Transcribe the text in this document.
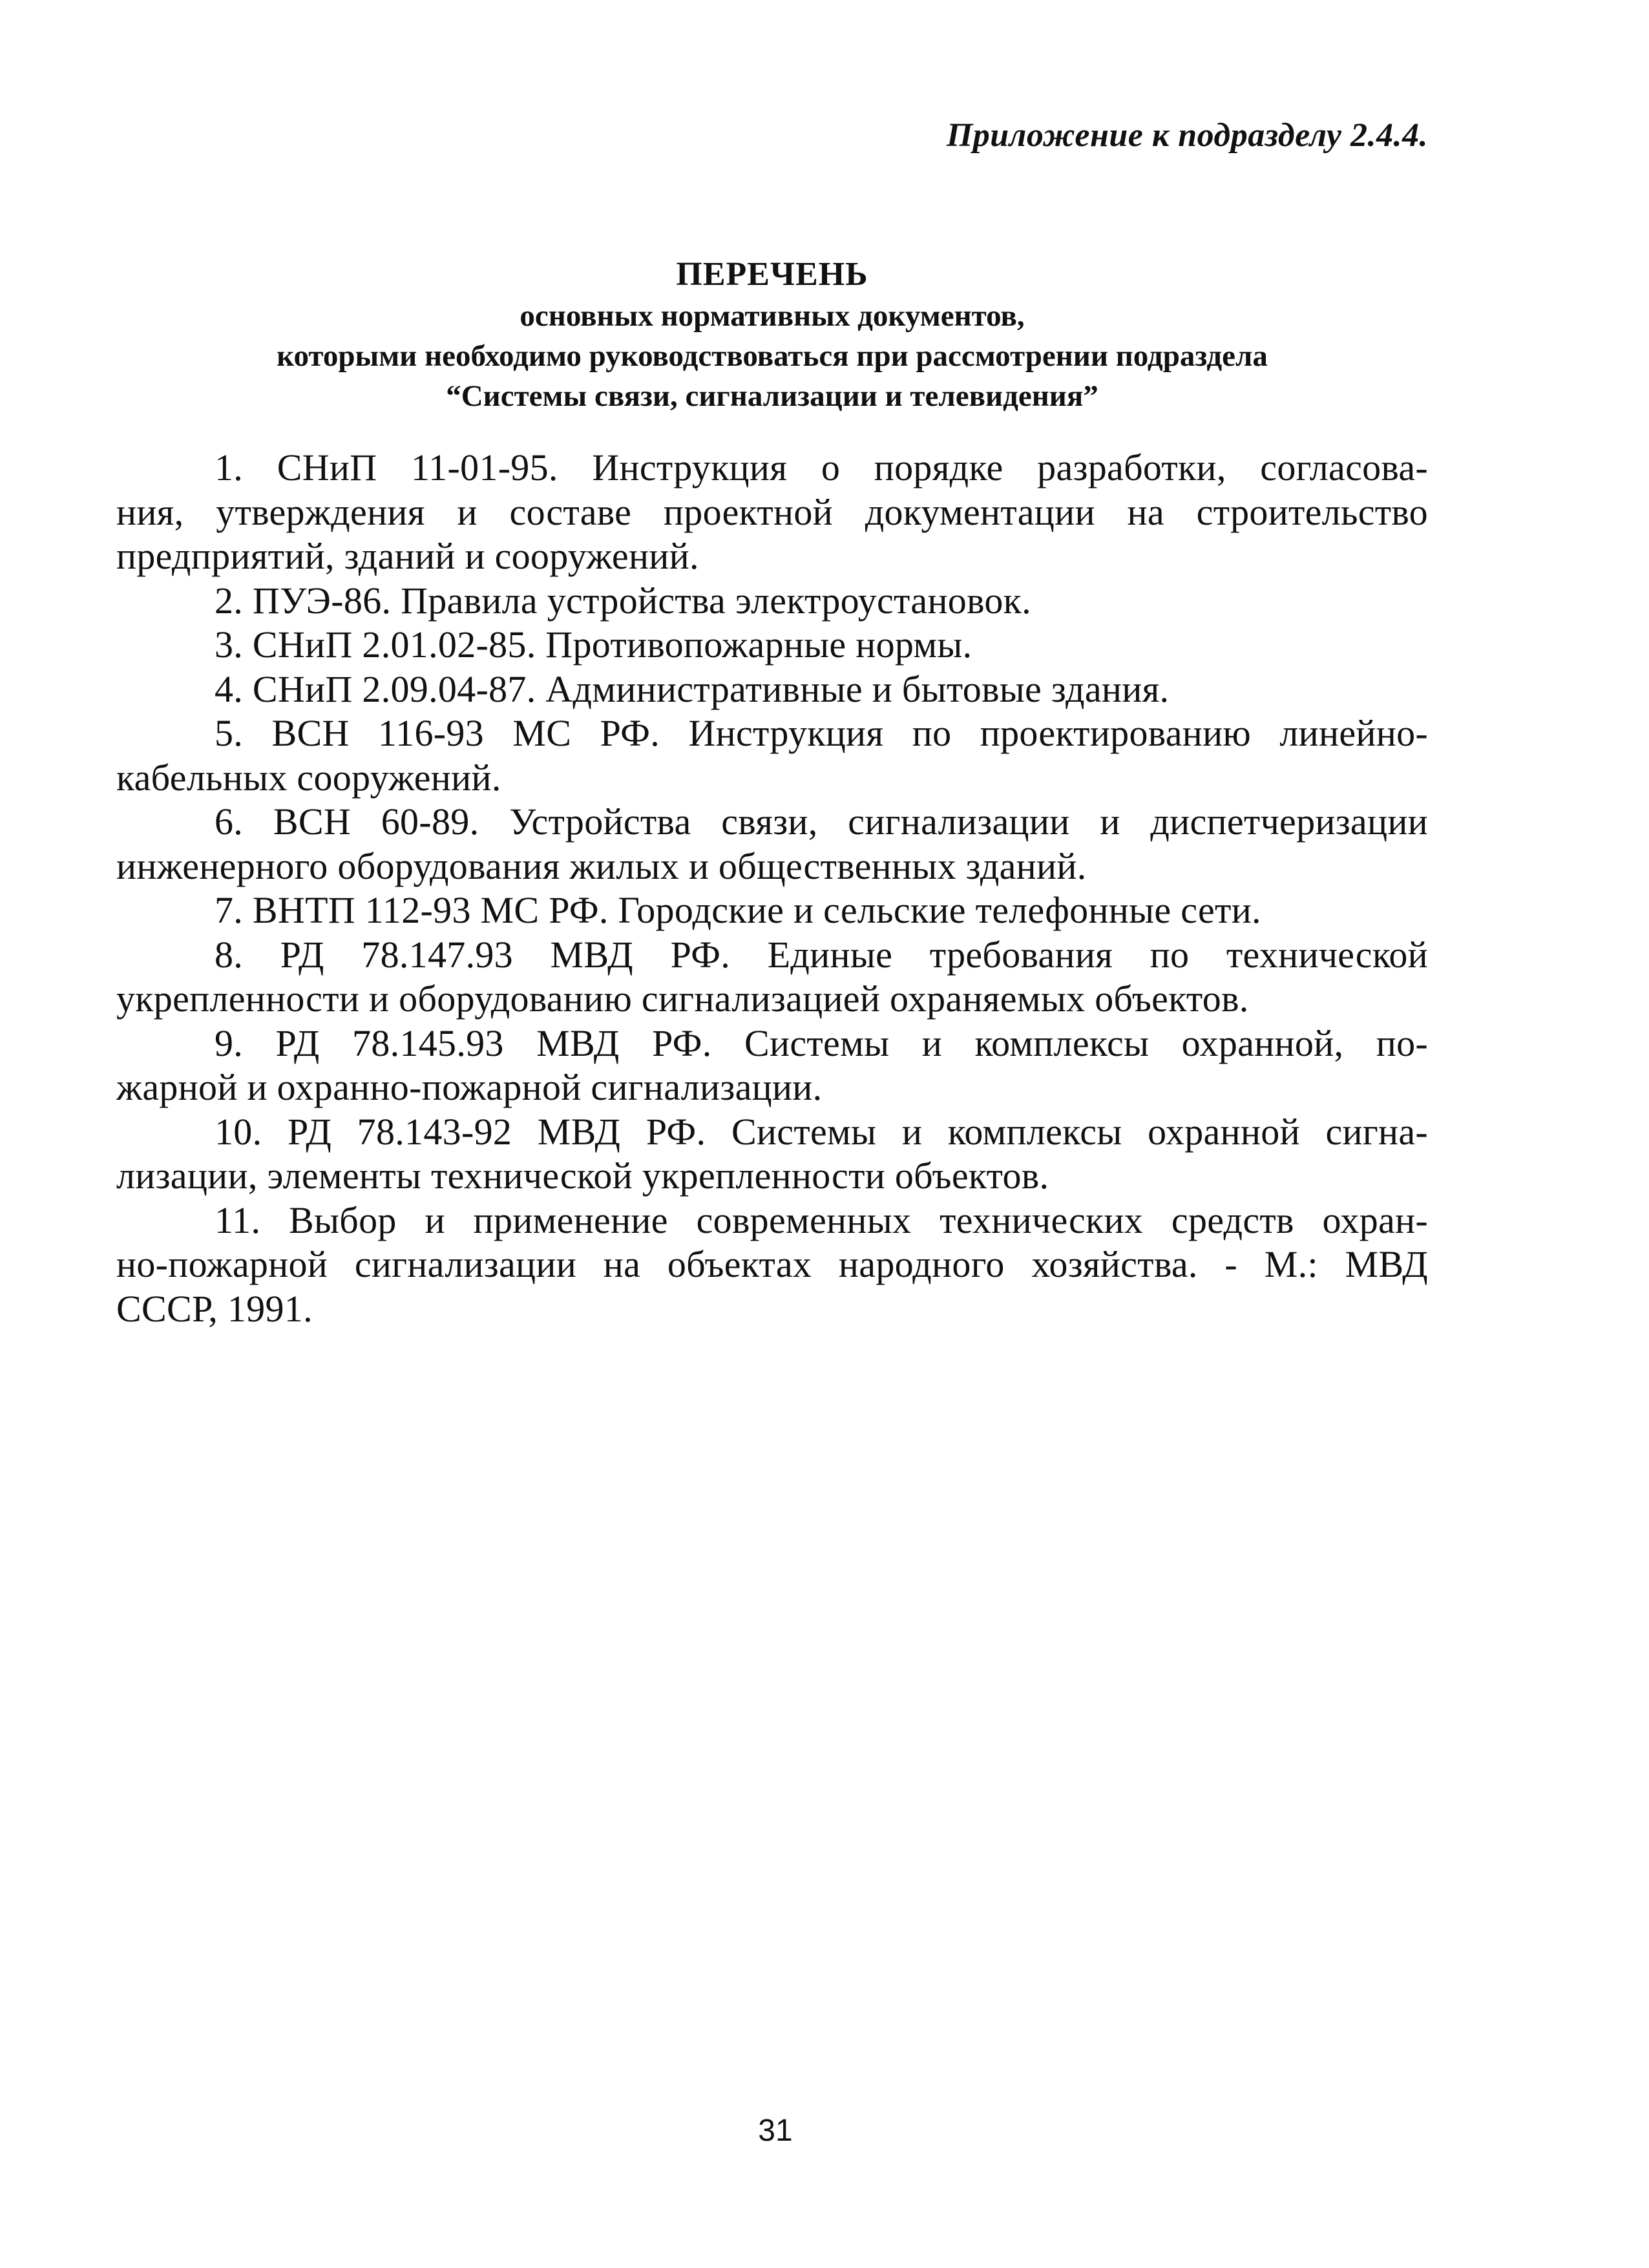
Приложение к подразделу 2.4.4.
ПЕРЕЧЕНЬ
основных нормативных документов,
которыми необходимо руководствоваться при рассмотрении подраздела
“Системы связи, сигнализации и телевидения”
1. СНиП 11-01-95. Инструкция о порядке разработки, согласова-
ния, утверждения и составе проектной документации на строительство
предприятий, зданий и сооружений.
2. ПУЭ-86. Правила устройства электроустановок.
3. СНиП 2.01.02-85. Противопожарные нормы.
4. СНиП 2.09.04-87. Административные и бытовые здания.
5. ВСН 116-93 МС РФ. Инструкция по проектированию линейно-
кабельных сооружений.
6. ВСН 60-89. Устройства связи, сигнализации и диспетчеризации
инженерного оборудования жилых и общественных зданий.
7. ВНТП 112-93 МС РФ. Городские и сельские телефонные сети.
8. РД 78.147.93 МВД РФ. Единые требования по технической
укрепленности и оборудованию сигнализацией охраняемых объектов.
9. РД 78.145.93 МВД РФ. Системы и комплексы охранной, по-
жарной и охранно-пожарной сигнализации.
10. РД 78.143-92 МВД РФ. Системы и комплексы охранной сигна-
лизации, элементы технической укрепленности объектов.
11. Выбор и применение современных технических средств охран-
но-пожарной сигнализации на объектах народного хозяйства. - М.: МВД
СССР, 1991.
31
